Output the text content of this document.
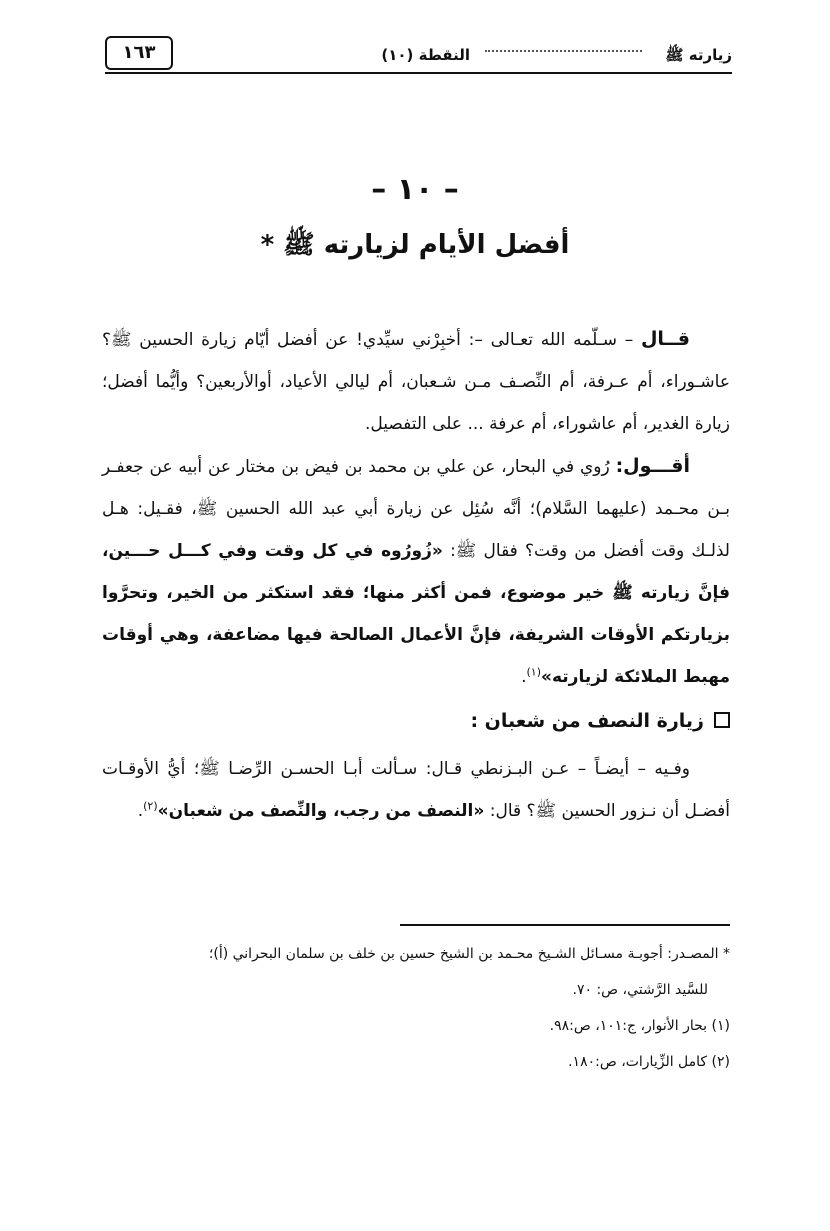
زيارته ﷺ
النقطة (١٠)
١٦٣
– ١٠ –
أفضل الأيام لزيارته ﷺ *

قــال – سـلّمه الله تعـالى –: أخبِرْني سيِّدي! عن أفضل أيّام زيارة الحسين ﷺ؟ عاشـوراء، أم عـرفة، أم النِّصـف مـن شـعبان، أم ليالي الأعياد، أوالأربعين؟ وأيُّما أفضل؛ زيارة الغدير، أم عاشوراء، أم عرفة ... على التفصيل.

أقـــول: رُوي في البحار، عن علي بن محمد بن فيض بن مختار عن أبيه عن جعفـر بـن محـمد (عليهما السَّلام)؛ أنَّه سُئِل عن زيارة أبي عبد الله الحسين ﷺ، فقـيل: هـل لذلـك وقت أفضل من وقت؟ فقال ﷺ: «زُورُوه في كل وقت وفي كـــل حـــين، فإنَّ زيارته ﷺ خير موضوع، فمن أكثر منها؛ فقد استكثر من الخير، وتحرَّوا بزيارتكم الأوقات الشريفة، فإنَّ الأعمال الصالحة فيها مضاعفة، وهي أوقات مهبط الملائكة لزيارته»$^{(١)}$.

زيارة النصف من شعبان :

وفـيه – أيضـاً – عـن البـزنطي قـال: سـألت أبـا الحسـن الرِّضـا ﷺ؛ أيُّ الأوقـات أفضـل أن نـزور الحسين ﷺ؟ قال: «النصف من رجب، والنِّصف من شعبان»$^{(٢)}$.

* المصـدر: أجوبـة مسـائل الشـيخ محـمد بن الشيخ حسين بن خلف بن سلمان البحراني (أ)؛

للسَّيد الرَّشتي، ص: ٧٠.

(١) بحار الأنوار، ج:١٠١، ص:٩٨.

(٢) كامل الزِّيارات، ص:١٨٠.
